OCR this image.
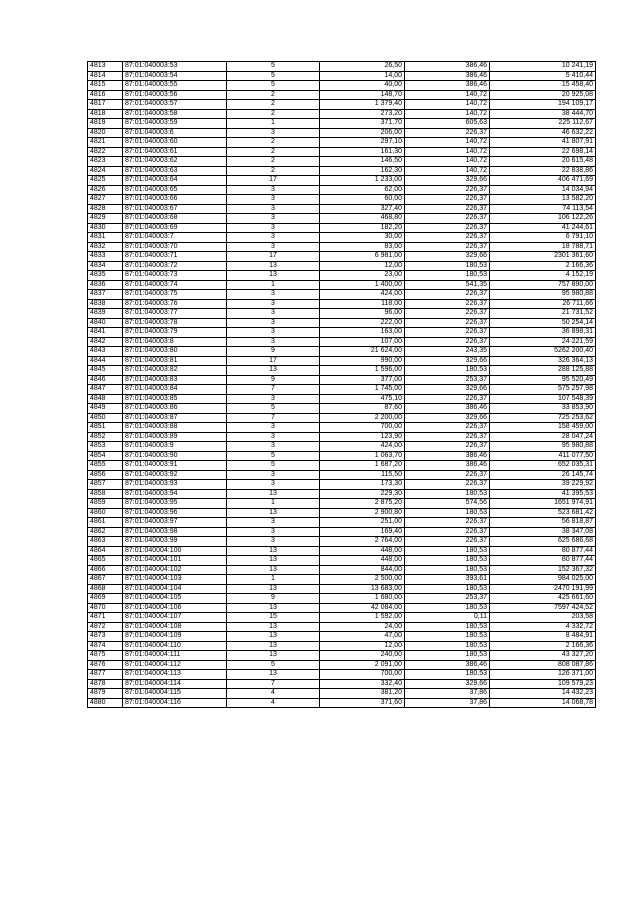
4813	87:01:040003:53	5	26,50	386,46	10 241,19
4814	87:01:040003:54	5	14,00	386,46	5 410,44
4815	87:01:040003:55	5	40,00	386,46	15 458,40
4816	87:01:040003:56	2	148,70	140,72	20 925,08
4817	87:01:040003:57	2	1 379,40	140,72	194 109,17
4818	87:01:040003:58	2	273,20	140,72	38 444,70
4819	87:01:040003:59	1	371,70	605,63	225 112,67
4820	87:01:040003:6	3	206,00	226,37	46 632,22
4821	87:01:040003:60	2	297,10	140,72	41 807,91
4822	87:01:040003:61	2	161,30	140,72	22 698,14
4823	87:01:040003:62	2	146,50	140,72	20 615,48
4824	87:01:040003:63	2	162,30	140,72	22 838,86
4825	87:01:040003:64	17	1 233,00	329,66	406 471,69
4826	87:01:040003:65	3	62,00	226,37	14 034,94
4827	87:01:040003:66	3	60,00	226,37	13 582,20
4828	87:01:040003:67	3	327,40	226,37	74 113,54
4829	87:01:040003:68	3	468,80	226,37	106 122,26
4830	87:01:040003:69	3	182,20	226,37	41 244,61
4831	87:01:040003:7	3	30,00	226,37	6 791,10
4832	87:01:040003:70	3	83,00	226,37	18 788,71
4833	87:01:040003:71	17	6 981,00	329,66	2301 361,60
4834	87:01:040003:72	13	12,00	180,53	2 166,36
4835	87:01:040003:73	13	23,00	180,53	4 152,19
4836	87:01:040003:74	1	1 400,00	541,35	757 890,00
4837	87:01:040003:75	3	424,00	226,37	95 980,88
4838	87:01:040003:76	3	118,00	226,37	26 711,66
4839	87:01:040003:77	3	96,00	226,37	21 731,52
4840	87:01:040003:78	3	222,00	226,37	50 254,14
4841	87:01:040003:79	3	163,00	226,37	36 898,31
4842	87:01:040003:8	3	107,00	226,37	24 221,59
4843	87:01:040003:80	9	21 624,00	243,35	5262 200,40
4844	87:01:040003:81	17	990,00	329,66	326 364,13
4845	87:01:040003:82	13	1 596,00	180,53	288 125,88
4846	87:01:040003:83	9	377,00	253,37	95 520,49
4847	87:01:040003:84	7	1 745,00	329,66	575 257,98
4848	87:01:040003:85	3	475,10	226,37	107 548,39
4849	87:01:040003:86	5	87,60	386,46	33 853,90
4850	87:01:040003:87	7	2 200,00	329,66	725 253,62
4851	87:01:040003:88	3	700,00	226,37	158 459,00
4852	87:01:040003:89	3	123,90	226,37	28 047,24
4853	87:01:040003:9	3	424,00	226,37	95 980,88
4854	87:01:040003:90	5	1 063,70	386,46	411 077,50
4855	87:01:040003:91	5	1 687,20	386,46	652 035,31
4856	87:01:040003:92	3	115,50	226,37	26 145,74
4857	87:01:040003:93	3	173,30	226,37	39 229,92
4858	87:01:040003:94	13	229,30	180,53	41 395,53
4859	87:01:040003:95	1	2 875,20	574,56	1651 974,91
4860	87:01:040003:96	13	2 900,80	180,53	523 681,42
4861	87:01:040003:97	3	251,00	226,37	56 818,87
4862	87:01:040003:98	3	169,40	226,37	38 347,08
4863	87:01:040003:99	3	2 764,00	226,37	625 686,68
4864	87:01:040004:100	13	448,00	180,53	80 877,44
4865	87:01:040004:101	13	448,00	180,53	80 877,44
4866	87:01:040004:102	13	844,00	180,53	152 367,32
4867	87:01:040004:103	1	2 500,00	393,61	984 025,00
4868	87:01:040004:104	13	13 683,00	180,53	2470 191,99
4869	87:01:040004:105	9	1 680,00	253,37	425 661,60
4870	87:01:040004:106	13	42 084,00	180,53	7597 424,52
4871	87:01:040004:107	15	1 592,00	0,11	203,58
4872	87:01:040004:108	13	24,00	180,53	4 332,72
4873	87:01:040004:109	13	47,00	180,53	8 484,91
4874	87:01:040004:110	13	12,00	180,53	2 166,36
4875	87:01:040004:111	13	240,00	180,53	43 327,20
4876	87:01:040004:112	5	2 091,00	386,46	808 087,86
4877	87:01:040004:113	13	700,00	180,53	126 371,00
4878	87:01:040004:114	7	332,40	329,66	109 579,23
4879	87:01:040004:115	4	381,20	37,86	14 432,23
4880	87:01:040004:116	4	371,60	37,86	14 068,78
